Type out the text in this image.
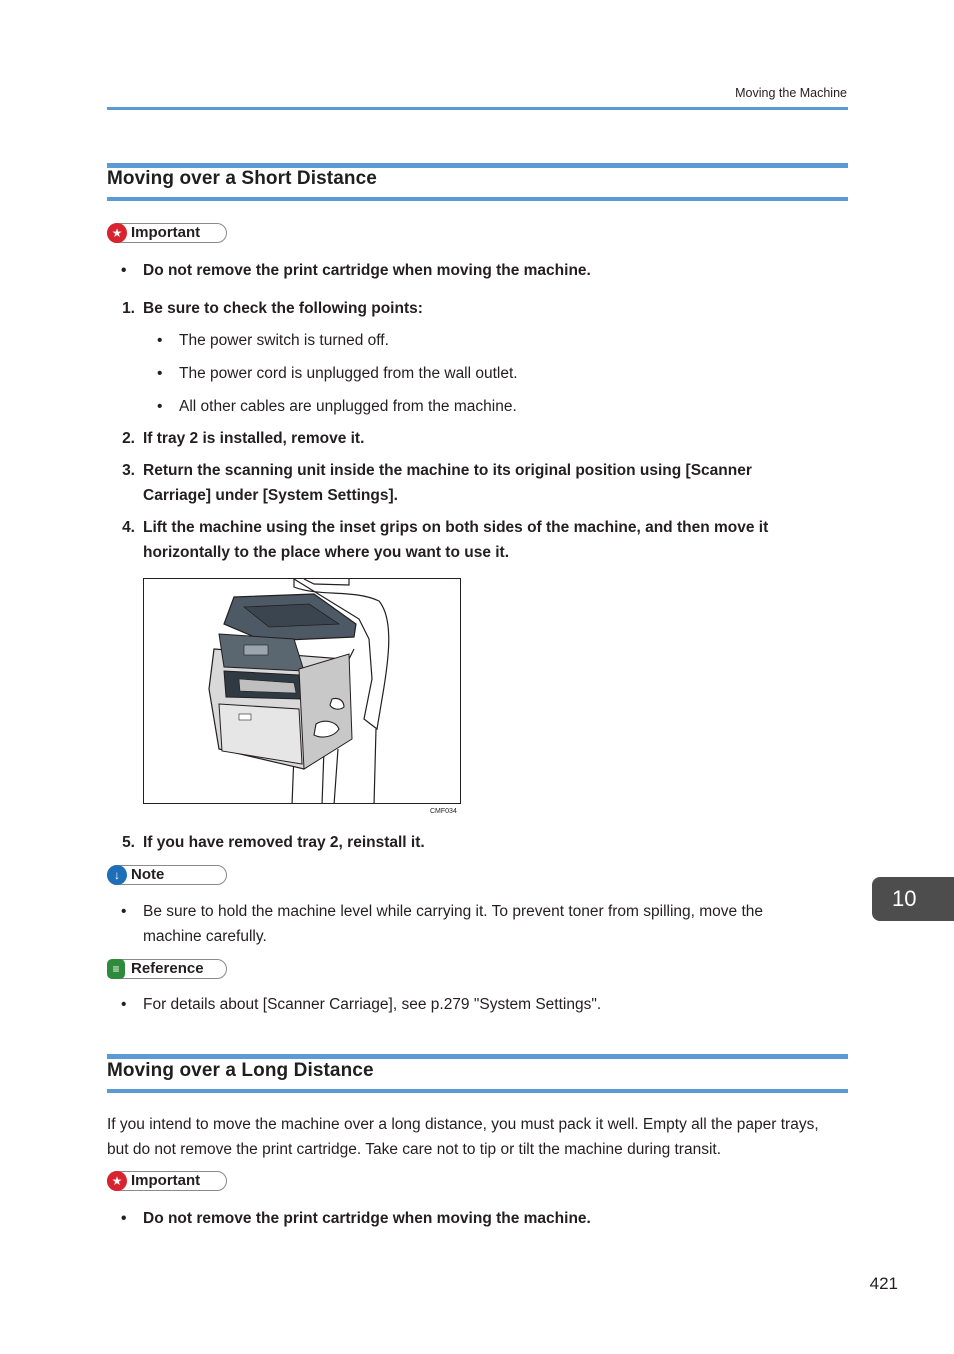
Moving the Machine
Moving over a Short Distance
★ Important
• Do not remove the print cartridge when moving the machine.
1. Be sure to check the following points:
• The power switch is turned off.
• The power cord is unplugged from the wall outlet.
• All other cables are unplugged from the machine.
2. If tray 2 is installed, remove it.
3. Return the scanning unit inside the machine to its original position using [Scanner
Carriage] under [System Settings].
4. Lift the machine using the inset grips on both sides of the machine, and then move it
horizontally to the place where you want to use it.
CMF034
5. If you have removed tray 2, reinstall it.
↓ Note
• Be sure to hold the machine level while carrying it. To prevent toner from spilling, move the
machine carefully.
≡ Reference
• For details about [Scanner Carriage], see p.279 "System Settings".
10
Moving over a Long Distance
If you intend to move the machine over a long distance, you must pack it well. Empty all the paper trays,
but do not remove the print cartridge. Take care not to tip or tilt the machine during transit.
★ Important
• Do not remove the print cartridge when moving the machine.
421
